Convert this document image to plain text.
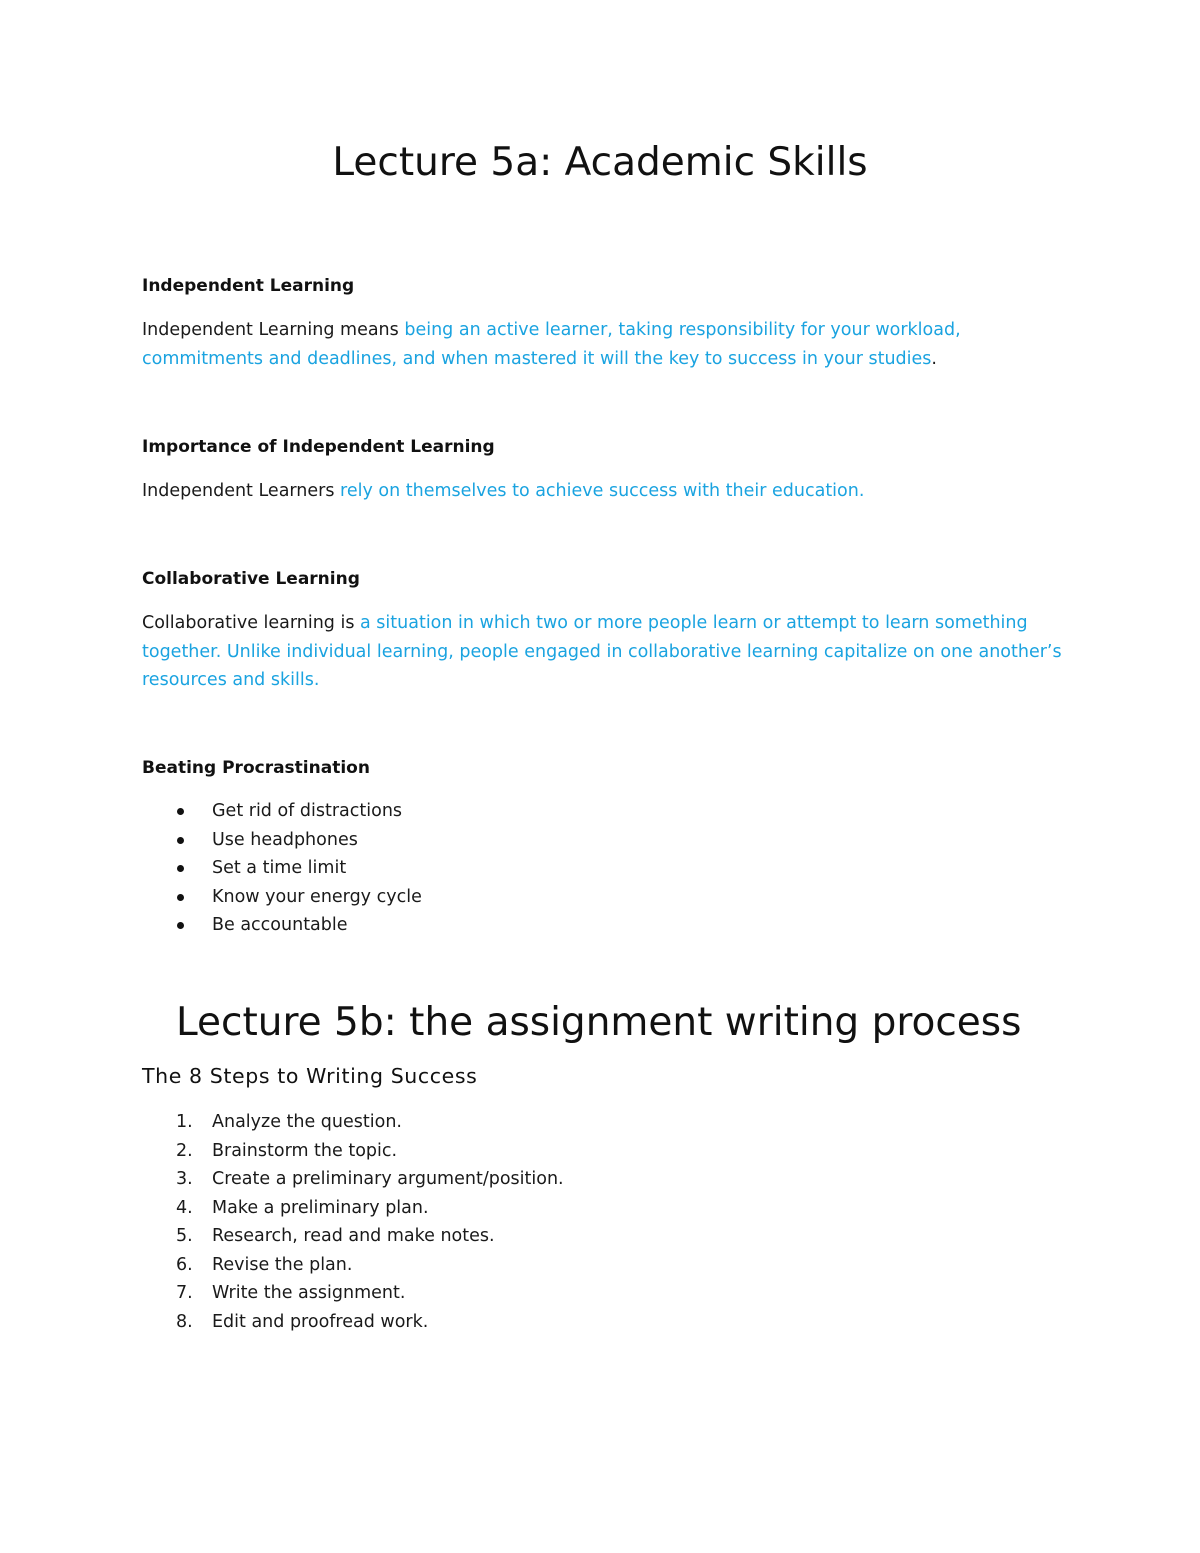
Lecture 5a: Academic Skills
Independent Learning

Independent Learning means being an active learner, taking responsibility for your workload, commitments and deadlines, and when mastered it will the key to success in your studies.

Importance of Independent Learning

Independent Learners rely on themselves to achieve success with their education.

Collaborative Learning

Collaborative learning is a situation in which two or more people learn or attempt to learn something together. Unlike individual learning, people engaged in collaborative learning capitalize on one another’s resources and skills.

Beating Procrastination
Get rid of distractions
Use headphones
Set a time limit
Know your energy cycle
Be accountable
Lecture 5b: the assignment writing process
The 8 Steps to Writing Success
1. Analyze the question.
2. Brainstorm the topic.
3. Create a preliminary argument/position.
4. Make a preliminary plan.
5. Research, read and make notes.
6. Revise the plan.
7. Write the assignment.
8. Edit and proofread work.
